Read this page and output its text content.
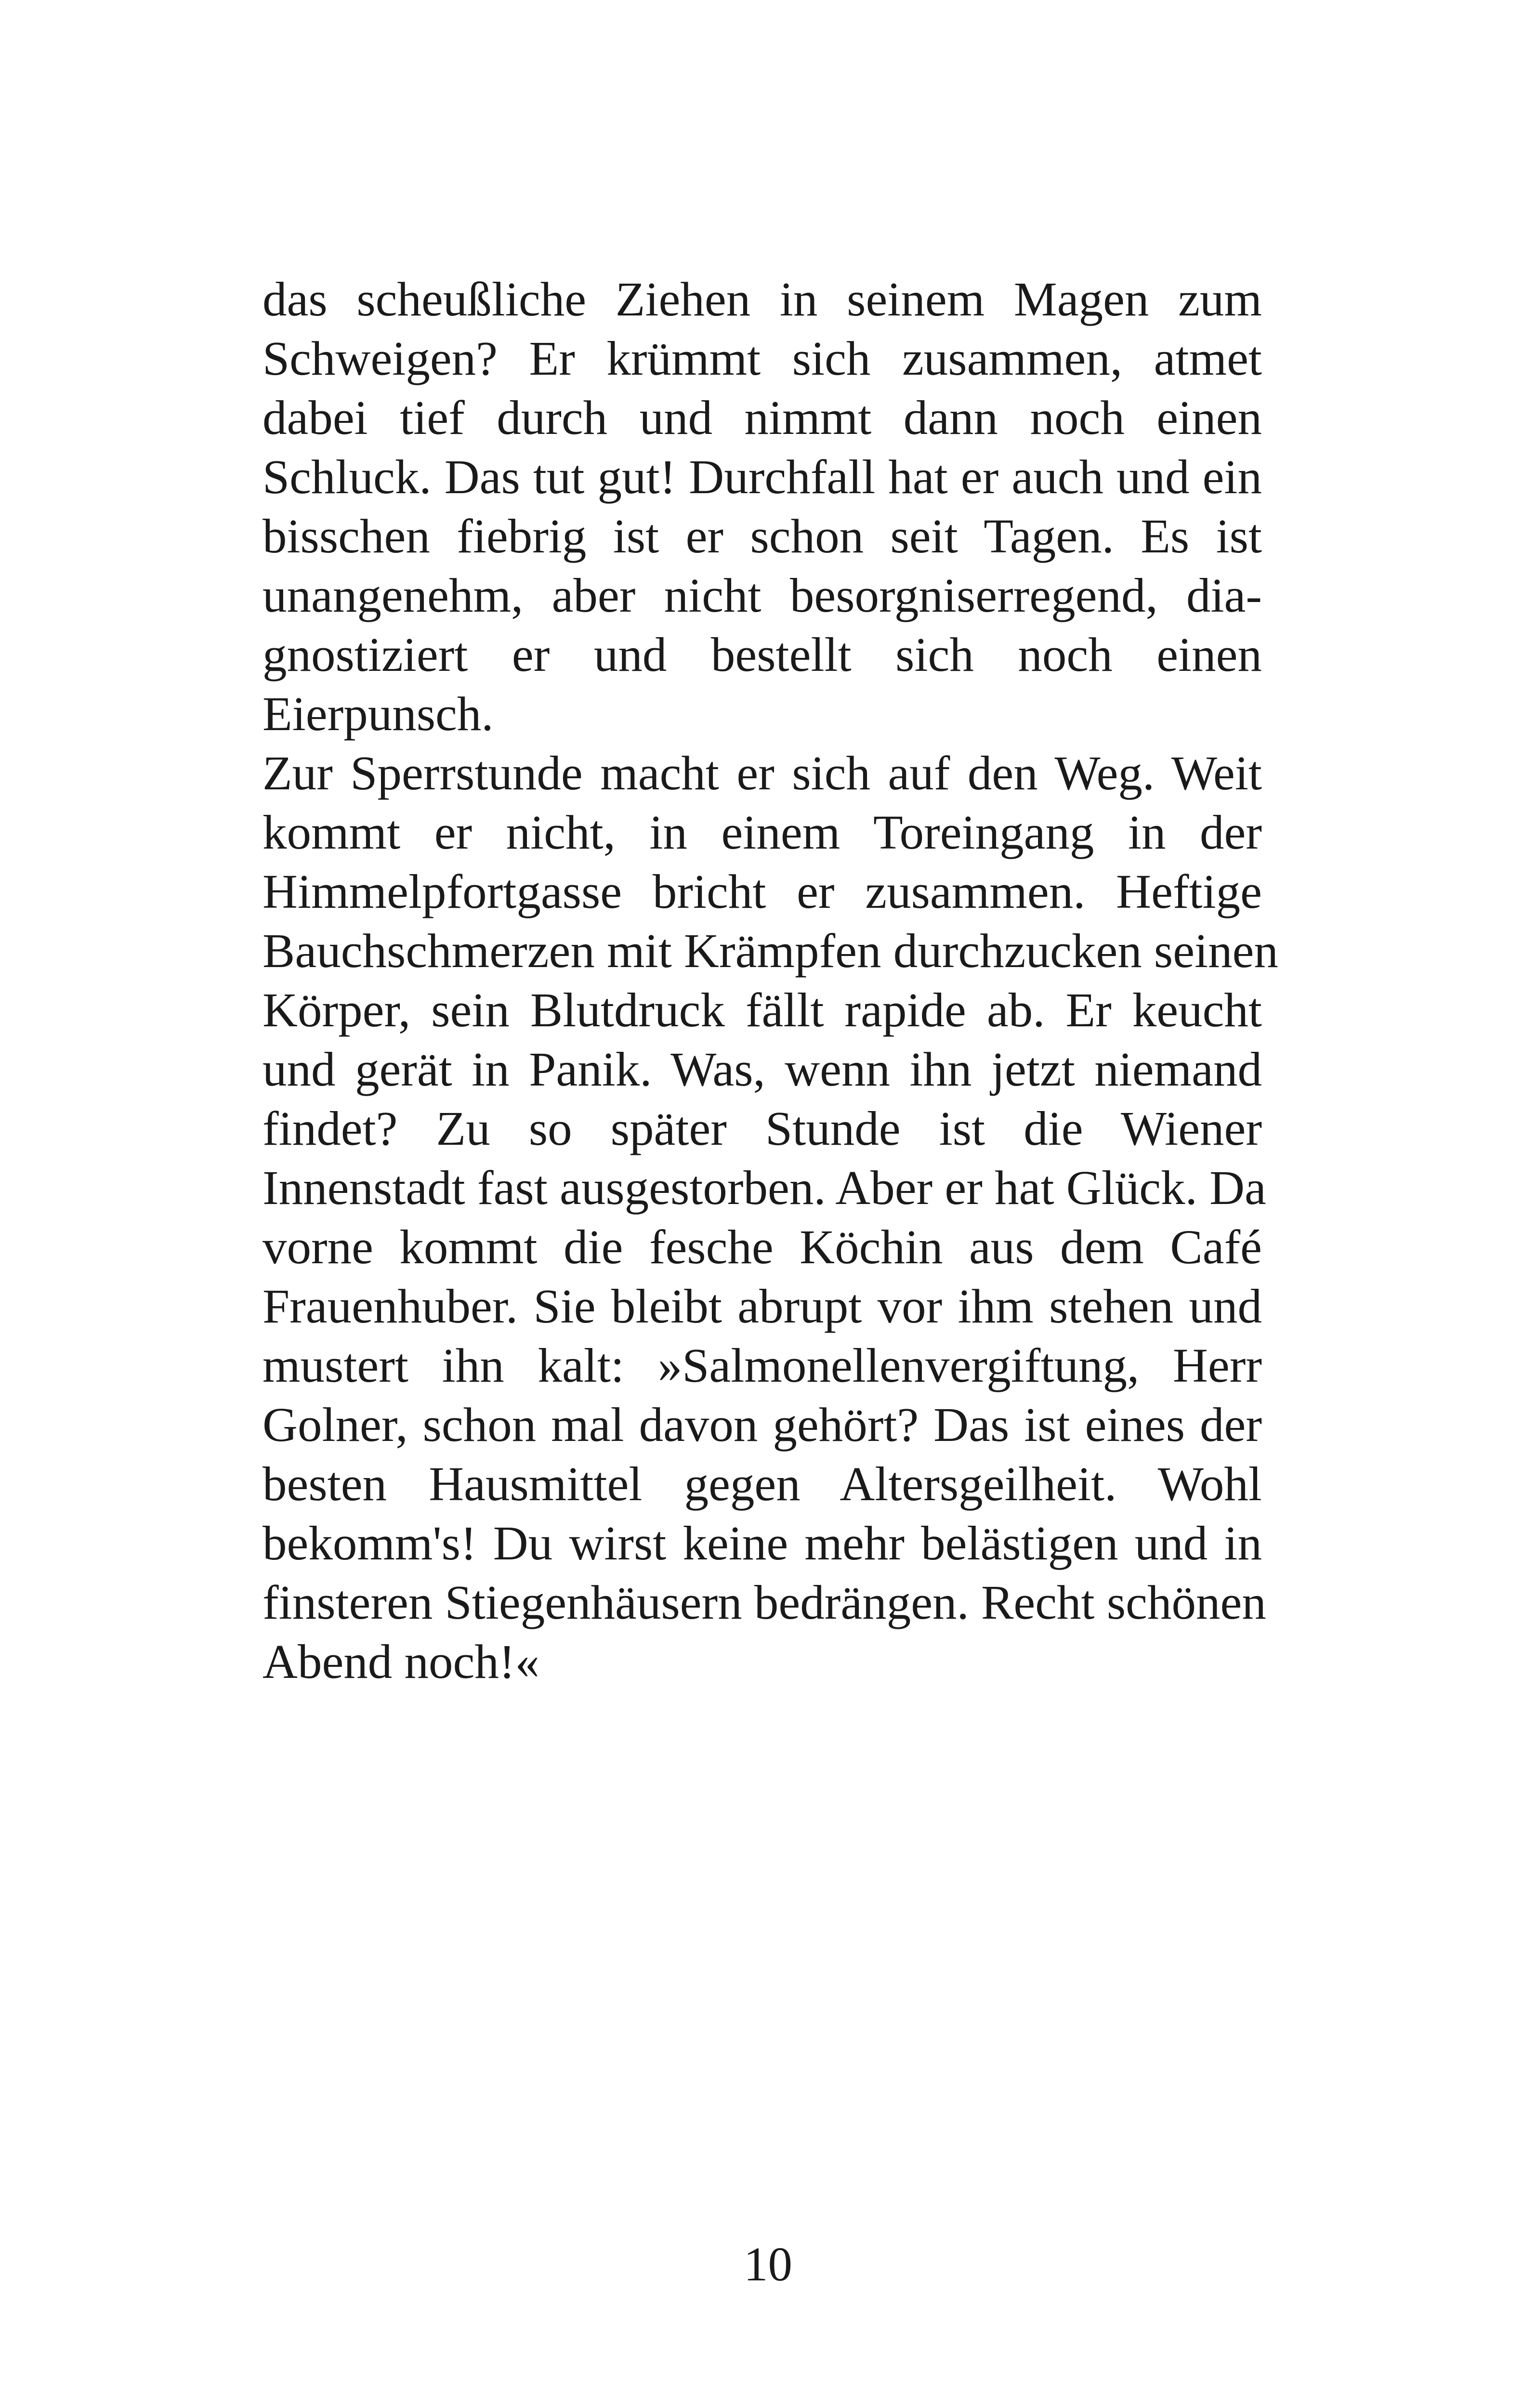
das scheußliche Ziehen in seinem Magen zum
Schweigen? Er krümmt sich zusammen, atmet
dabei tief durch und nimmt dann noch einen
Schluck. Das tut gut! Durchfall hat er auch und ein
bisschen fiebrig ist er schon seit Tagen. Es ist
unangenehm, aber nicht besorgniserregend, dia-
gnostiziert er und bestellt sich noch einen
Eierpunsch.
Zur Sperrstunde macht er sich auf den Weg. Weit
kommt er nicht, in einem Toreingang in der
Himmelpfortgasse bricht er zusammen. Heftige
Bauchschmerzen mit Krämpfen durchzucken seinen
Körper, sein Blutdruck fällt rapide ab. Er keucht
und gerät in Panik. Was, wenn ihn jetzt niemand
findet? Zu so später Stunde ist die Wiener
Innenstadt fast ausgestorben. Aber er hat Glück. Da
vorne kommt die fesche Köchin aus dem Café
Frauenhuber. Sie bleibt abrupt vor ihm stehen und
mustert ihn kalt: »Salmonellenvergiftung, Herr
Golner, schon mal davon gehört? Das ist eines der
besten Hausmittel gegen Altersgeilheit. Wohl
bekomm's! Du wirst keine mehr belästigen und in
finsteren Stiegenhäusern bedrängen. Recht schönen
Abend noch!«
10
